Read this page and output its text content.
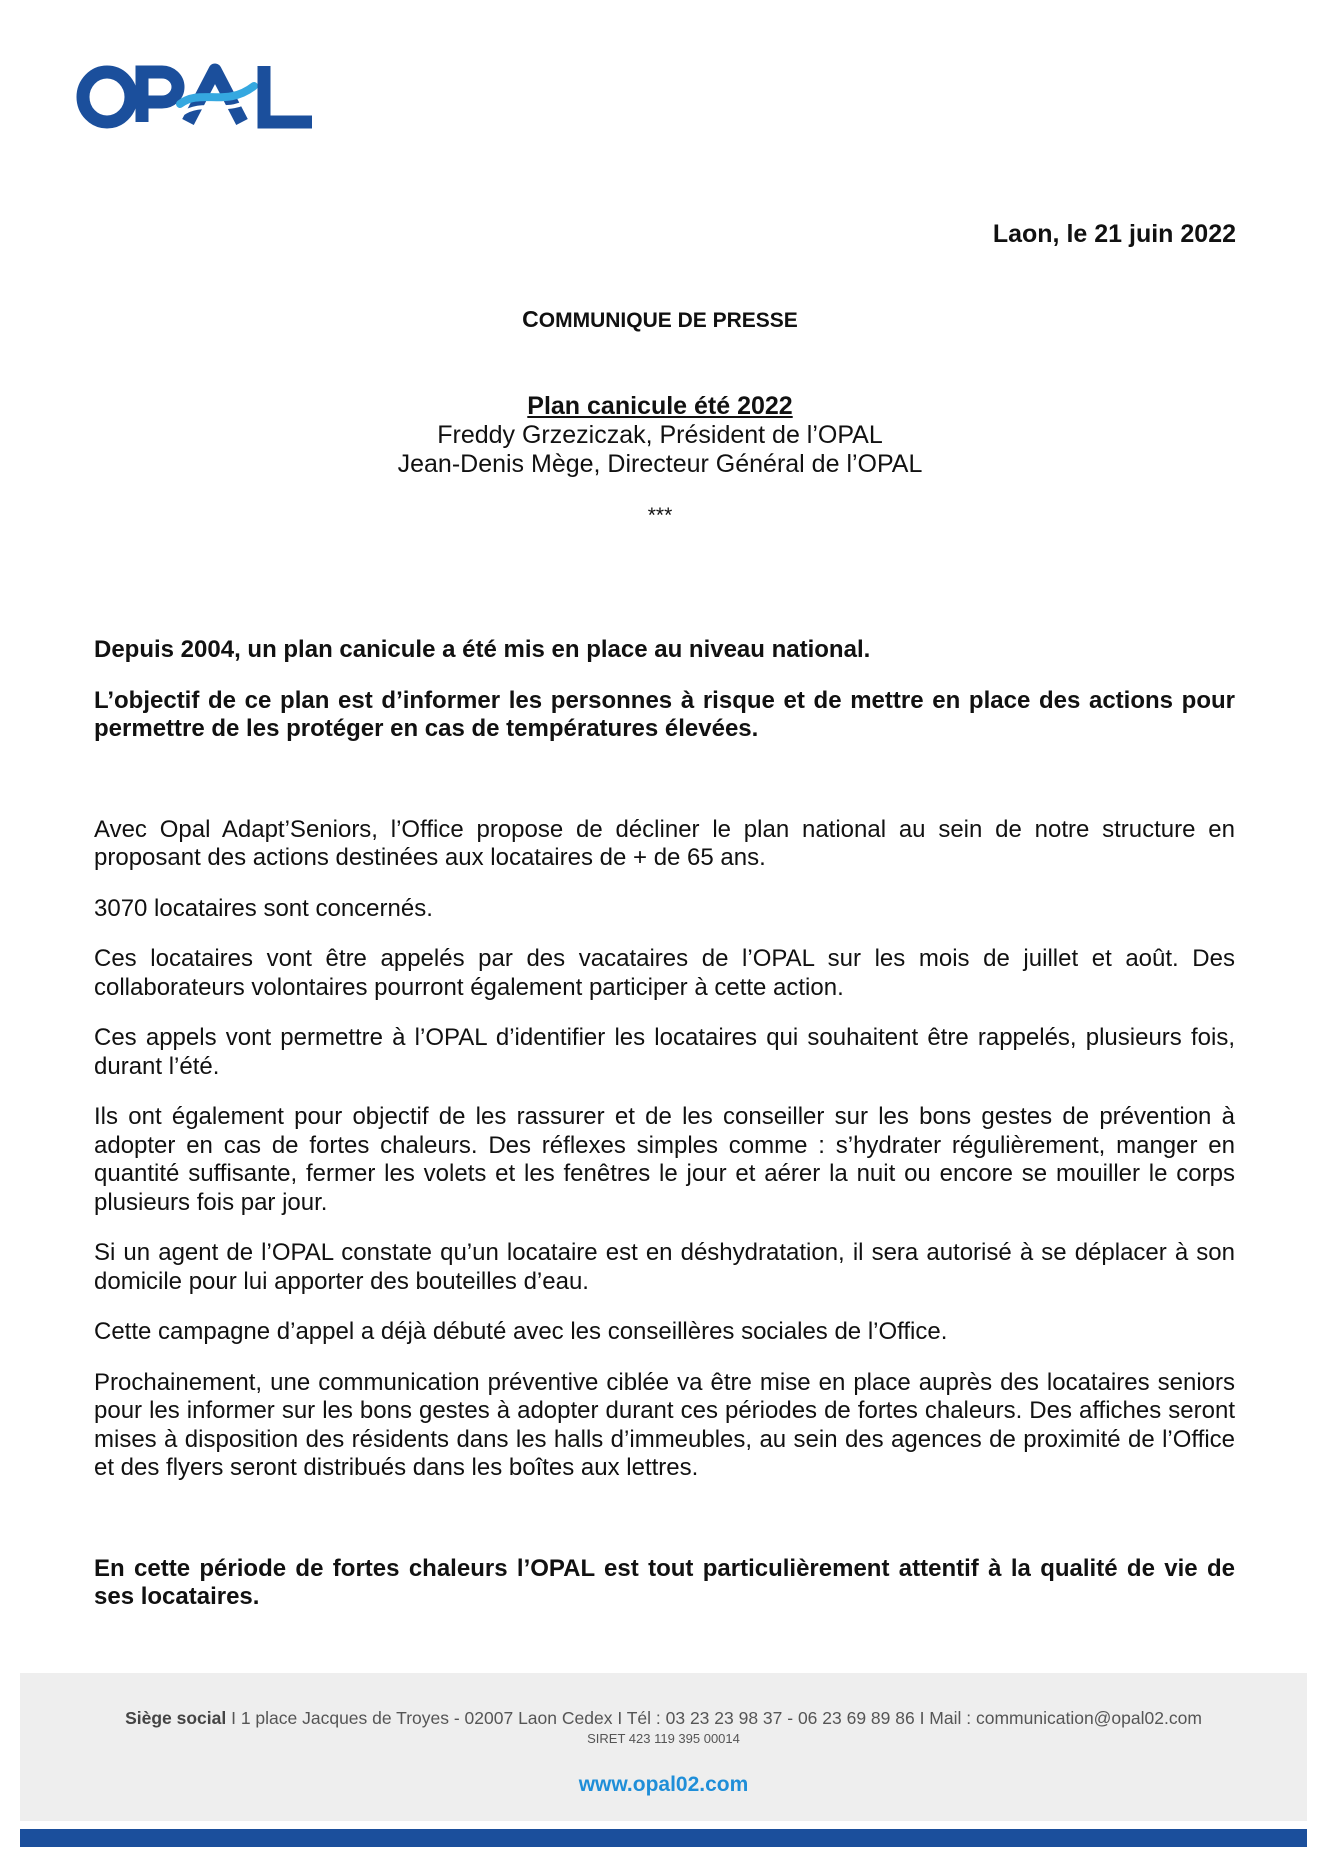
Laon, le 21 juin 2022
COMMUNIQUE DE PRESSE
Plan canicule été 2022
Freddy Grzeziczak, Président de l’OPAL
Jean-Denis Mège, Directeur Général de l’OPAL
***

Depuis 2004, un plan canicule a été mis en place au niveau national.

L’objectif de ce plan est d’informer les personnes à risque et de mettre en place des actions pour permettre de les protéger en cas de températures élevées.

Avec Opal Adapt’Seniors, l’Office propose de décliner le plan national au sein de notre structure en proposant des actions destinées aux locataires de + de 65 ans.

3070 locataires sont concernés.

Ces locataires vont être appelés par des vacataires de l’OPAL sur les mois de juillet et août. Des collaborateurs volontaires pourront également participer à cette action.

Ces appels vont permettre à l’OPAL d’identifier les locataires qui souhaitent être rappelés, plusieurs fois, durant l’été.

Ils ont également pour objectif de les rassurer et de les conseiller sur les bons gestes de prévention à adopter en cas de fortes chaleurs. Des réflexes simples comme : s’hydrater régulièrement, manger en quantité suffisante, fermer les volets et les fenêtres le jour et aérer la nuit ou encore se mouiller le corps plusieurs fois par jour.

Si un agent de l’OPAL constate qu’un locataire est en déshydratation, il sera autorisé à se déplacer à son domicile pour lui apporter des bouteilles d’eau.

Cette campagne d’appel a déjà débuté avec les conseillères sociales de l’Office.

Prochainement, une communication préventive ciblée va être mise en place auprès des locataires seniors pour les informer sur les bons gestes à adopter durant ces périodes de fortes chaleurs. Des affiches seront mises à disposition des résidents dans les halls d’immeubles, au sein des agences de proximité de l’Office et des flyers seront distribués dans les boîtes aux lettres.

En cette période de fortes chaleurs l’OPAL est tout particulièrement attentif à la qualité de vie de ses locataires.

Siège social I 1 place Jacques de Troyes - 02007 Laon Cedex I Tél : 03 23 23 98 37 - 06 23 69 89 86 I Mail : communication@opal02.com
SIRET 423 119 395 00014
www.opal02.com
